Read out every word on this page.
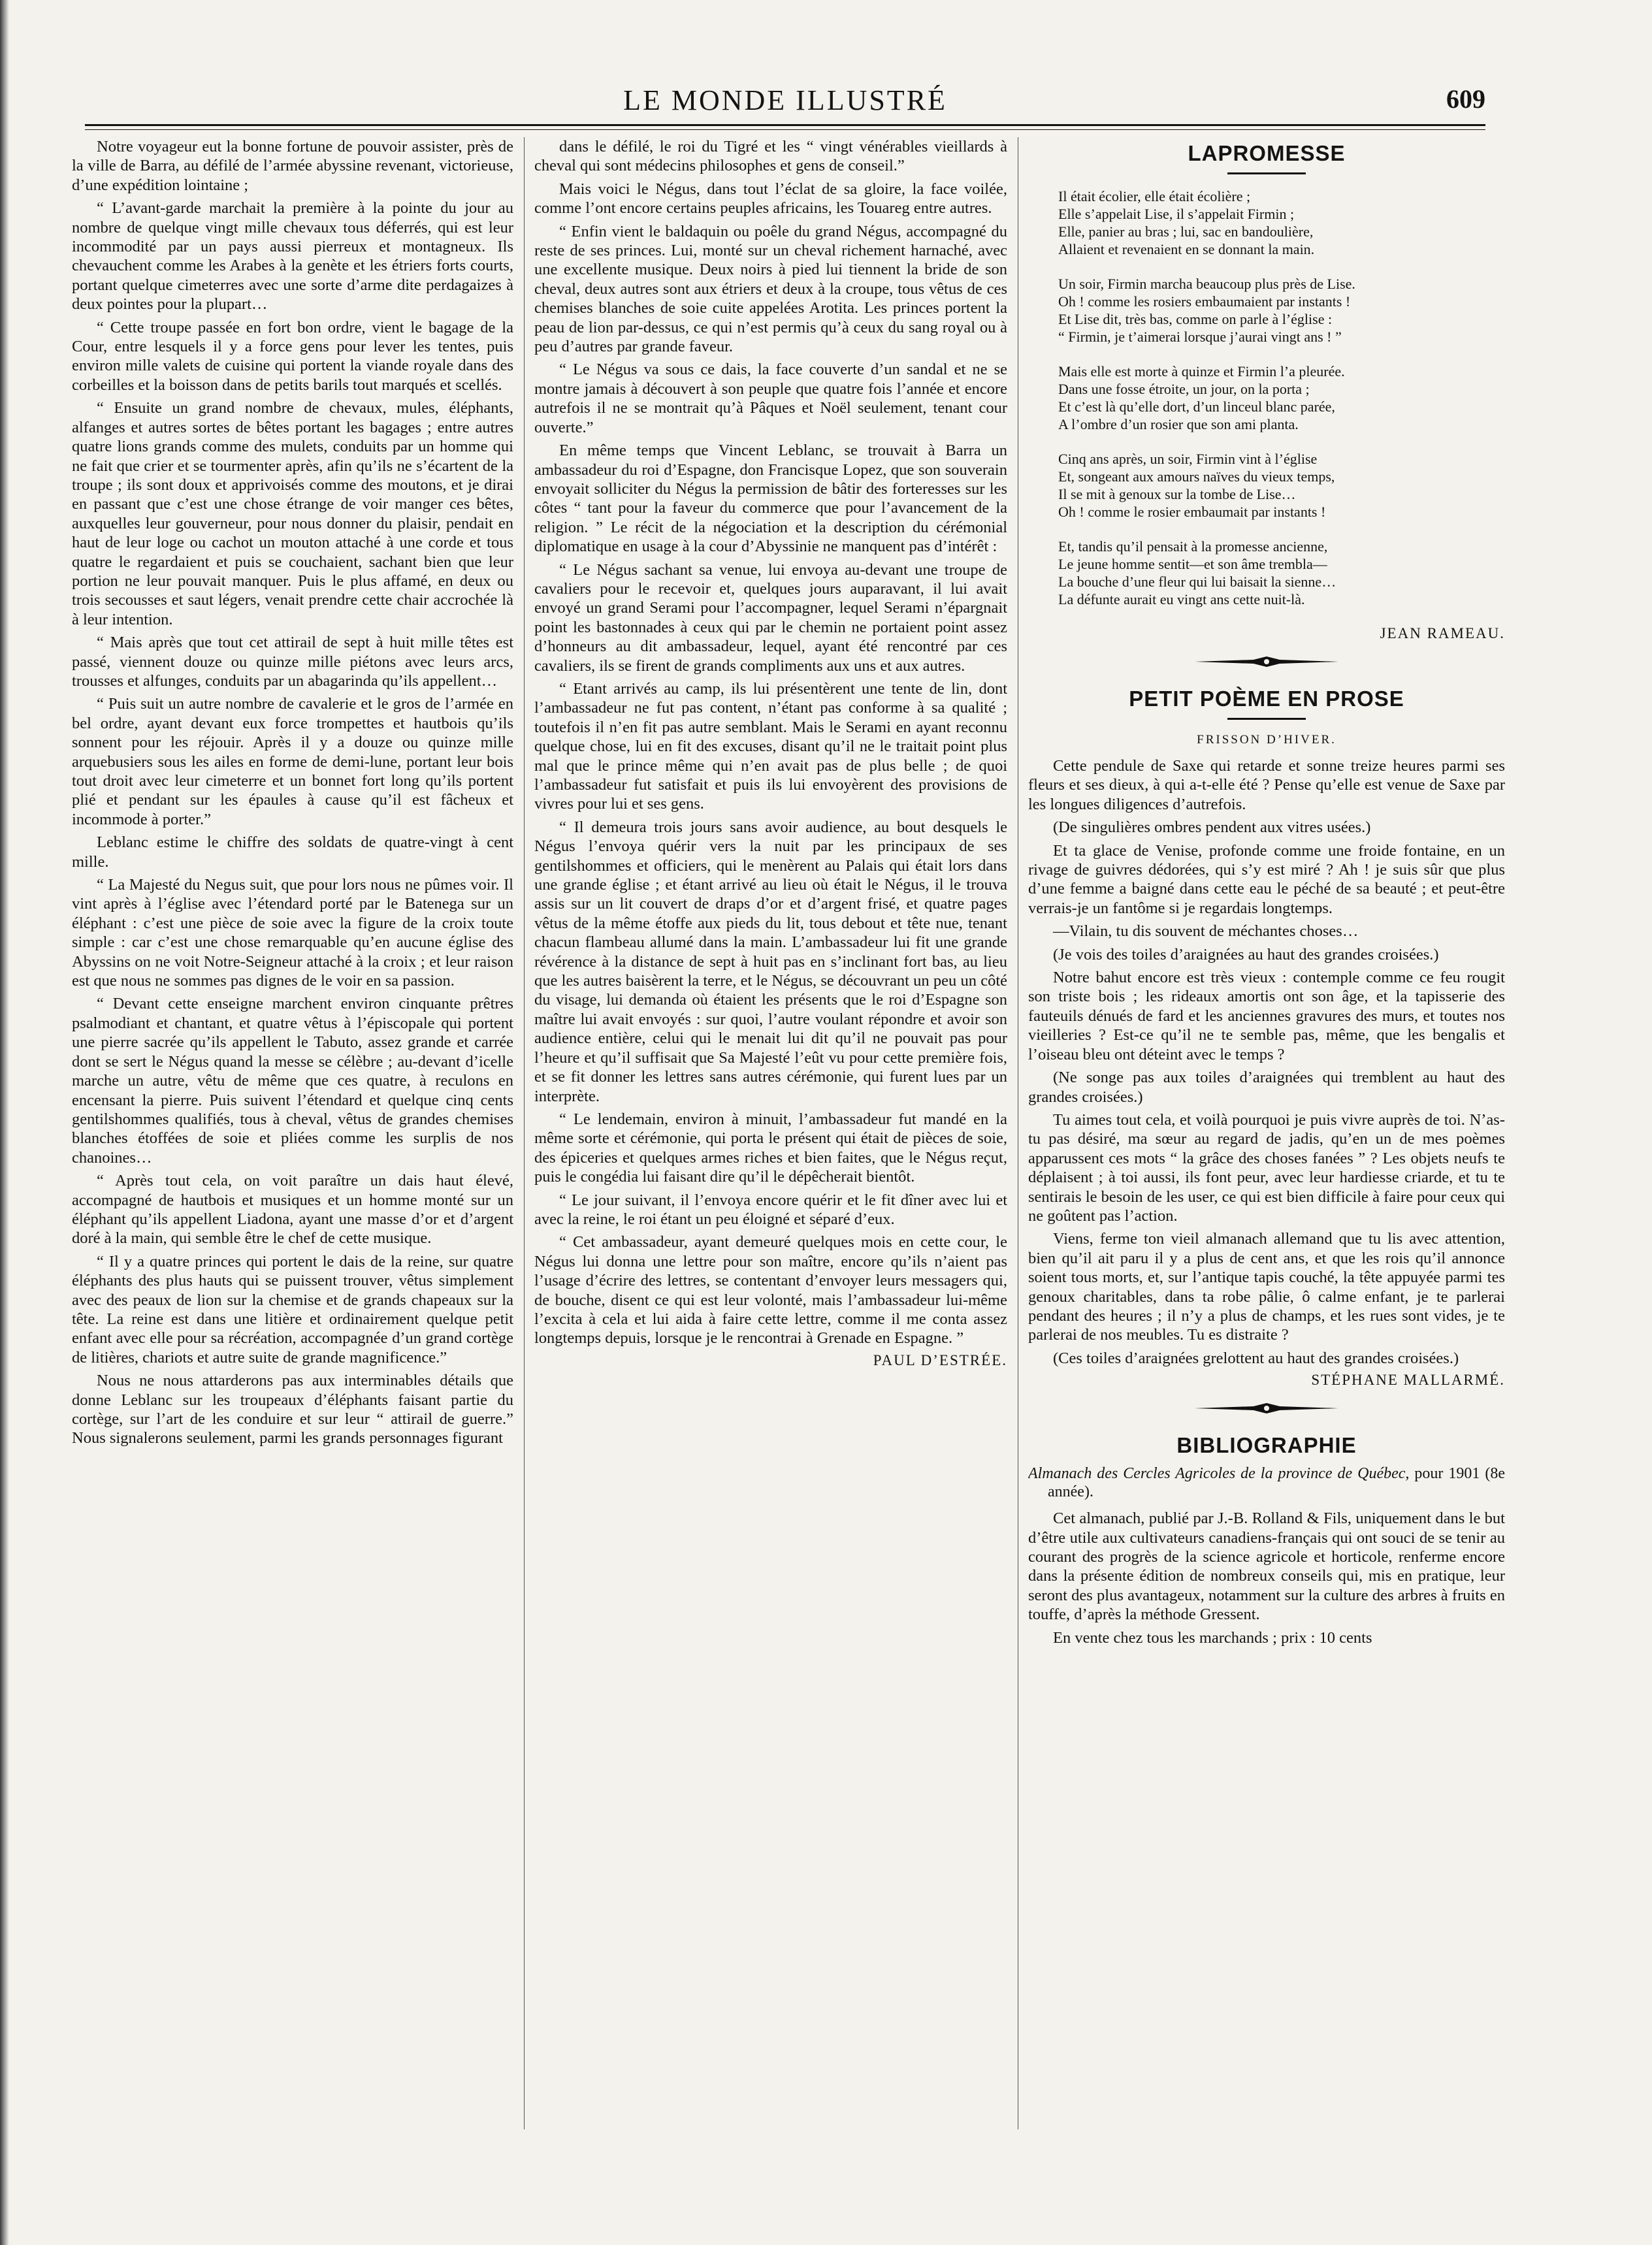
LE MONDE ILLUSTRÉ	609

Notre voyageur eut la bonne fortune de pouvoir assister, près de la ville de Barra, au défilé de l’armée abyssine revenant, victorieuse, d’une expédition lointaine ;

“ L’avant-garde marchait la première à la pointe du jour au nombre de quelque vingt mille chevaux tous déferrés, qui est leur incommodité par un pays aussi pierreux et montagneux. Ils chevauchent comme les Arabes à la genète et les étriers forts courts, portant quelque cimeterres avec une sorte d’arme dite perdagaizes à deux pointes pour la plupart…

“ Cette troupe passée en fort bon ordre, vient le bagage de la Cour, entre lesquels il y a force gens pour lever les tentes, puis environ mille valets de cuisine qui portent la viande royale dans des corbeilles et la boisson dans de petits barils tout marqués et scellés.

“ Ensuite un grand nombre de chevaux, mules, éléphants, alfanges et autres sortes de bêtes portant les bagages ; entre autres quatre lions grands comme des mulets, conduits par un homme qui ne fait que crier et se tourmenter après, afin qu’ils ne s’écartent de la troupe ; ils sont doux et apprivoisés comme des moutons, et je dirai en passant que c’est une chose étrange de voir manger ces bêtes, auxquelles leur gouverneur, pour nous donner du plaisir, pendait en haut de leur loge ou cachot un mouton attaché à une corde et tous quatre le regardaient et puis se couchaient, sachant bien que leur portion ne leur pouvait manquer. Puis le plus affamé, en deux ou trois secousses et saut légers, venait prendre cette chair accrochée là à leur intention.

“ Mais après que tout cet attirail de sept à huit mille têtes est passé, viennent douze ou quinze mille piétons avec leurs arcs, trousses et alfunges, conduits par un abagarinda qu’ils appellent…

“ Puis suit un autre nombre de cavalerie et le gros de l’armée en bel ordre, ayant devant eux force trompettes et hautbois qu’ils sonnent pour les réjouir. Après il y a douze ou quinze mille arquebusiers sous les ailes en forme de demi-lune, portant leur bois tout droit avec leur cimeterre et un bonnet fort long qu’ils portent plié et pendant sur les épaules à cause qu’il est fâcheux et incommode à porter.”

Leblanc estime le chiffre des soldats de quatre-vingt à cent mille.

“ La Majesté du Negus suit, que pour lors nous ne pûmes voir. Il vint après à l’église avec l’étendard porté par le Batenega sur un éléphant : c’est une pièce de soie avec la figure de la croix toute simple : car c’est une chose remarquable qu’en aucune église des Abyssins on ne voit Notre-Seigneur attaché à la croix ; et leur raison est que nous ne sommes pas dignes de le voir en sa passion.

“ Devant cette enseigne marchent environ cinquante prêtres psalmodiant et chantant, et quatre vêtus à l’épiscopale qui portent une pierre sacrée qu’ils appellent le Tabuto, assez grande et carrée dont se sert le Négus quand la messe se célèbre ; au-devant d’icelle marche un autre, vêtu de même que ces quatre, à reculons en encensant la pierre. Puis suivent l’étendard et quelque cinq cents gentilshommes qualifiés, tous à cheval, vêtus de grandes chemises blanches étoffées de soie et pliées comme les surplis de nos chanoines…

“ Après tout cela, on voit paraître un dais haut élevé, accompagné de hautbois et musiques et un homme monté sur un éléphant qu’ils appellent Liadona, ayant une masse d’or et d’argent doré à la main, qui semble être le chef de cette musique.

“ Il y a quatre princes qui portent le dais de la reine, sur quatre éléphants des plus hauts qui se puissent trouver, vêtus simplement avec des peaux de lion sur la chemise et de grands chapeaux sur la tête. La reine est dans une litière et ordinairement quelque petit enfant avec elle pour sa récréation, accompagnée d’un grand cortège de litières, chariots et autre suite de grande magnificence.”

Nous ne nous attarderons pas aux interminables détails que donne Leblanc sur les troupeaux d’éléphants faisant partie du cortège, sur l’art de les conduire et sur leur “ attirail de guerre.” Nous signalerons seulement, parmi les grands personnages figurant

dans le défilé, le roi du Tigré et les “ vingt vénérables vieillards à cheval qui sont médecins philosophes et gens de conseil.”

Mais voici le Négus, dans tout l’éclat de sa gloire, la face voilée, comme l’ont encore certains peuples africains, les Touareg entre autres.

“ Enfin vient le baldaquin ou poêle du grand Négus, accompagné du reste de ses princes. Lui, monté sur un cheval richement harnaché, avec une excellente musique. Deux noirs à pied lui tiennent la bride de son cheval, deux autres sont aux étriers et deux à la croupe, tous vêtus de ces chemises blanches de soie cuite appelées Arotita. Les princes portent la peau de lion par-dessus, ce qui n’est permis qu’à ceux du sang royal ou à peu d’autres par grande faveur.

“ Le Négus va sous ce dais, la face couverte d’un sandal et ne se montre jamais à découvert à son peuple que quatre fois l’année et encore autrefois il ne se montrait qu’à Pâques et Noël seulement, tenant cour ouverte.”

En même temps que Vincent Leblanc, se trouvait à Barra un ambassadeur du roi d’Espagne, don Francisque Lopez, que son souverain envoyait solliciter du Négus la permission de bâtir des forteresses sur les côtes “ tant pour la faveur du commerce que pour l’avancement de la religion. ” Le récit de la négociation et la description du cérémonial diplomatique en usage à la cour d’Abyssinie ne manquent pas d’intérêt :

“ Le Négus sachant sa venue, lui envoya au-devant une troupe de cavaliers pour le recevoir et, quelques jours auparavant, il lui avait envoyé un grand Serami pour l’accompagner, lequel Serami n’épargnait point les bastonnades à ceux qui par le chemin ne portaient point assez d’honneurs au dit ambassadeur, lequel, ayant été rencontré par ces cavaliers, ils se firent de grands compliments aux uns et aux autres.

“ Etant arrivés au camp, ils lui présentèrent une tente de lin, dont l’ambassadeur ne fut pas content, n’étant pas conforme à sa qualité ; toutefois il n’en fit pas autre semblant. Mais le Serami en ayant reconnu quelque chose, lui en fit des excuses, disant qu’il ne le traitait point plus mal que le prince même qui n’en avait pas de plus belle ; de quoi l’ambassadeur fut satisfait et puis ils lui envoyèrent des provisions de vivres pour lui et ses gens.

“ Il demeura trois jours sans avoir audience, au bout desquels le Négus l’envoya quérir vers la nuit par les principaux de ses gentilshommes et officiers, qui le menèrent au Palais qui était lors dans une grande église ; et étant arrivé au lieu où était le Négus, il le trouva assis sur un lit couvert de draps d’or et d’argent frisé, et quatre pages vêtus de la même étoffe aux pieds du lit, tous debout et tête nue, tenant chacun flambeau allumé dans la main. L’ambassadeur lui fit une grande révérence à la distance de sept à huit pas en s’inclinant fort bas, au lieu que les autres baisèrent la terre, et le Négus, se découvrant un peu un côté du visage, lui demanda où étaient les présents que le roi d’Espagne son maître lui avait envoyés : sur quoi, l’autre voulant répondre et avoir son audience entière, celui qui le menait lui dit qu’il ne pouvait pas pour l’heure et qu’il suffisait que Sa Majesté l’eût vu pour cette première fois, et se fit donner les lettres sans autres cérémonie, qui furent lues par un interprète.

“ Le lendemain, environ à minuit, l’ambassadeur fut mandé en la même sorte et cérémonie, qui porta le présent qui était de pièces de soie, des épiceries et quelques armes riches et bien faites, que le Négus reçut, puis le congédia lui faisant dire qu’il le dépêcherait bientôt.

“ Le jour suivant, il l’envoya encore quérir et le fit dîner avec lui et avec la reine, le roi étant un peu éloigné et séparé d’eux.

“ Cet ambassadeur, ayant demeuré quelques mois en cette cour, le Négus lui donna une lettre pour son maître, encore qu’ils n’aient pas l’usage d’écrire des lettres, se contentant d’envoyer leurs messagers qui, de bouche, disent ce qui est leur volonté, mais l’ambassadeur lui-même l’excita à cela et lui aida à faire cette lettre, comme il me conta assez longtemps depuis, lorsque je le rencontrai à Grenade en Espagne. ”

PAUL D’ESTRÉE.
LAPROMESSE
Il était écolier, elle était écolière ;
Elle s’appelait Lise, il s’appelait Firmin ;
Elle, panier au bras ; lui, sac en bandoulière,
Allaient et revenaient en se donnant la main.
Un soir, Firmin marcha beaucoup plus près de Lise.
Oh ! comme les rosiers embaumaient par instants !
Et Lise dit, très bas, comme on parle à l’église :
“ Firmin, je t’aimerai lorsque j’aurai vingt ans ! ”
Mais elle est morte à quinze et Firmin l’a pleurée.
Dans une fosse étroite, un jour, on la porta ;
Et c’est là qu’elle dort, d’un linceul blanc parée,
A l’ombre d’un rosier que son ami planta.
Cinq ans après, un soir, Firmin vint à l’église
Et, songeant aux amours naïves du vieux temps,
Il se mit à genoux sur la tombe de Lise…
Oh ! comme le rosier embaumait par instants !
Et, tandis qu’il pensait à la promesse ancienne,
Le jeune homme sentit—et son âme trembla—
La bouche d’une fleur qui lui baisait la sienne…
La défunte aurait eu vingt ans cette nuit-là.
JEAN RAMEAU.
PETIT POÈME EN PROSE
FRISSON D’HIVER.

Cette pendule de Saxe qui retarde et sonne treize heures parmi ses fleurs et ses dieux, à qui a-t-elle été ? Pense qu’elle est venue de Saxe par les longues diligences d’autrefois.

(De singulières ombres pendent aux vitres usées.)

Et ta glace de Venise, profonde comme une froide fontaine, en un rivage de guivres dédorées, qui s’y est miré ? Ah ! je suis sûr que plus d’une femme a baigné dans cette eau le péché de sa beauté ; et peut-être verrais-je un fantôme si je regardais longtemps.

—Vilain, tu dis souvent de méchantes choses…

(Je vois des toiles d’araignées au haut des grandes croisées.)

Notre bahut encore est très vieux : contemple comme ce feu rougit son triste bois ; les rideaux amortis ont son âge, et la tapisserie des fauteuils dénués de fard et les anciennes gravures des murs, et toutes nos vieilleries ? Est-ce qu’il ne te semble pas, même, que les bengalis et l’oiseau bleu ont déteint avec le temps ?

(Ne songe pas aux toiles d’araignées qui tremblent au haut des grandes croisées.)

Tu aimes tout cela, et voilà pourquoi je puis vivre auprès de toi. N’as-tu pas désiré, ma sœur au regard de jadis, qu’en un de mes poèmes apparussent ces mots “ la grâce des choses fanées ” ? Les objets neufs te déplaisent ; à toi aussi, ils font peur, avec leur hardiesse criarde, et tu te sentirais le besoin de les user, ce qui est bien difficile à faire pour ceux qui ne goûtent pas l’action.

Viens, ferme ton vieil almanach allemand que tu lis avec attention, bien qu’il ait paru il y a plus de cent ans, et que les rois qu’il annonce soient tous morts, et, sur l’antique tapis couché, la tête appuyée parmi tes genoux charitables, dans ta robe pâlie, ô calme enfant, je te parlerai pendant des heures ; il n’y a plus de champs, et les rues sont vides, je te parlerai de nos meubles. Tu es distraite ?

(Ces toiles d’araignées grelottent au haut des grandes croisées.)

STÉPHANE MALLARMÉ.
BIBLIOGRAPHIE

Almanach des Cercles Agricoles de la province de Québec, pour 1901 (8e année).

Cet almanach, publié par J.-B. Rolland & Fils, uniquement dans le but d’être utile aux cultivateurs canadiens-français qui ont souci de se tenir au courant des progrès de la science agricole et horticole, renferme encore dans la présente édition de nombreux conseils qui, mis en pratique, leur seront des plus avantageux, notamment sur la culture des arbres à fruits en touffe, d’après la méthode Gressent.

En vente chez tous les marchands ; prix : 10 cents
